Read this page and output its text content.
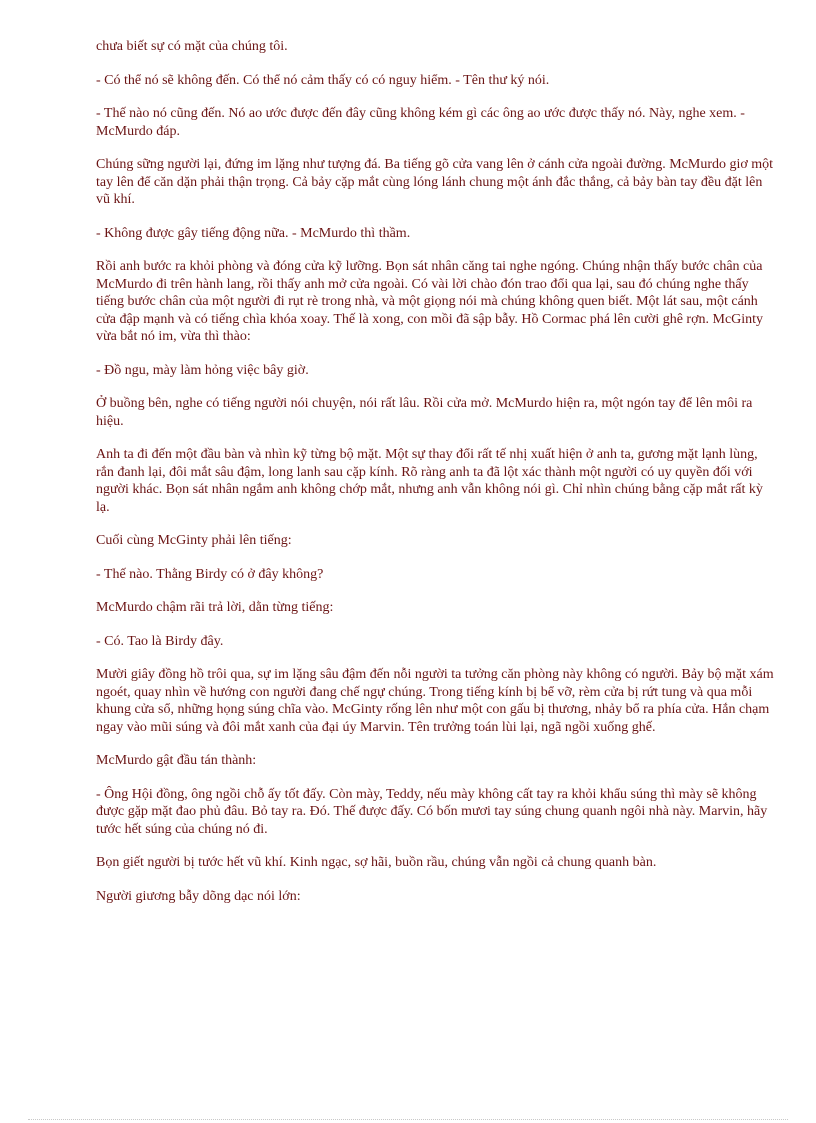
chưa biết sự có mặt của chúng tôi.

- Có thể nó sẽ không đến. Có thể nó cảm thấy có có nguy hiểm. - Tên thư ký nói.

- Thế nào nó cũng đến. Nó ao ước được đến đây cũng không kém gì các ông ao ước được thấy nó. Này, nghe xem. - McMurdo đáp.

Chúng sững người lại, đứng im lặng như tượng đá. Ba tiếng gõ cửa vang lên ở cánh cửa ngoài đường. McMurdo giơ một tay lên để căn dặn phải thận trọng. Cả bảy cặp mắt cùng lóng lánh chung một ánh đắc thắng, cả bảy bàn tay đều đặt lên vũ khí.

- Không được gây tiếng động nữa. - McMurdo thì thầm.

Rồi anh bước ra khỏi phòng và đóng cửa kỹ lưỡng. Bọn sát nhân căng tai nghe ngóng. Chúng nhận thấy bước chân của McMurdo đi trên hành lang, rồi thấy anh mở cửa ngoài. Có vài lời chào đón trao đổi qua lại, sau đó chúng nghe thấy tiếng bước chân của một người đi rụt rè trong nhà, và một giọng nói mà chúng không quen biết. Một lát sau, một cánh cửa đập mạnh và có tiếng chìa khóa xoay. Thế là xong, con mồi đã sập bẫy. Hồ Cormac phá lên cười ghê rợn. McGinty vừa bắt nó im, vừa thì thào:

- Đồ ngu, mày làm hỏng việc bây giờ.

Ở buồng bên, nghe có tiếng người nói chuyện, nói rất lâu. Rồi cửa mở. McMurdo hiện ra, một ngón tay để lên môi ra hiệu.

Anh ta đi đến một đầu bàn và nhìn kỹ từng bộ mặt. Một sự thay đổi rất tế nhị xuất hiện ở anh ta, gương mặt lạnh lùng, rắn đanh lại, đôi mắt sâu đậm, long lanh sau cặp kính. Rõ ràng anh ta đã lột xác thành một người có uy quyền đối với người khác. Bọn sát nhân ngắm anh không chớp mắt, nhưng anh vẫn không nói gì. Chỉ nhìn chúng bằng cặp mắt rất kỳ lạ.

Cuối cùng McGinty phải lên tiếng:

- Thế nào. Thằng Birdy có ở đây không?

McMurdo chậm rãi trả lời, dằn từng tiếng:

- Có. Tao là Birdy đây.

Mười giây đồng hồ trôi qua, sự im lặng sâu đậm đến nỗi người ta tưởng căn phòng này không có người. Bảy bộ mặt xám ngoét, quay nhìn về hướng con người đang chế ngự chúng. Trong tiếng kính bị bể vỡ, rèm cửa bị rứt tung và qua mỗi khung cửa sổ, những họng súng chĩa vào. McGinty rống lên như một con gấu bị thương, nhảy bổ ra phía cửa. Hắn chạm ngay vào mũi súng và đôi mắt xanh của đại úy Marvin. Tên trưởng toán lùi lại, ngã ngồi xuống ghế.

McMurdo gật đầu tán thành:

- Ông Hội đồng, ông ngồi chỗ ấy tốt đấy. Còn mày, Teddy, nếu mày không cất tay ra khỏi khẩu súng thì mày sẽ không được gặp mặt đao phủ đâu. Bỏ tay ra. Đó. Thế được đấy. Có bốn mươi tay súng chung quanh ngôi nhà này. Marvin, hãy tước hết súng của chúng nó đi.

Bọn giết người bị tước hết vũ khí. Kinh ngạc, sợ hãi, buồn rầu, chúng vẫn ngồi cả chung quanh bàn.

Người giương bẫy dõng dạc nói lớn:
